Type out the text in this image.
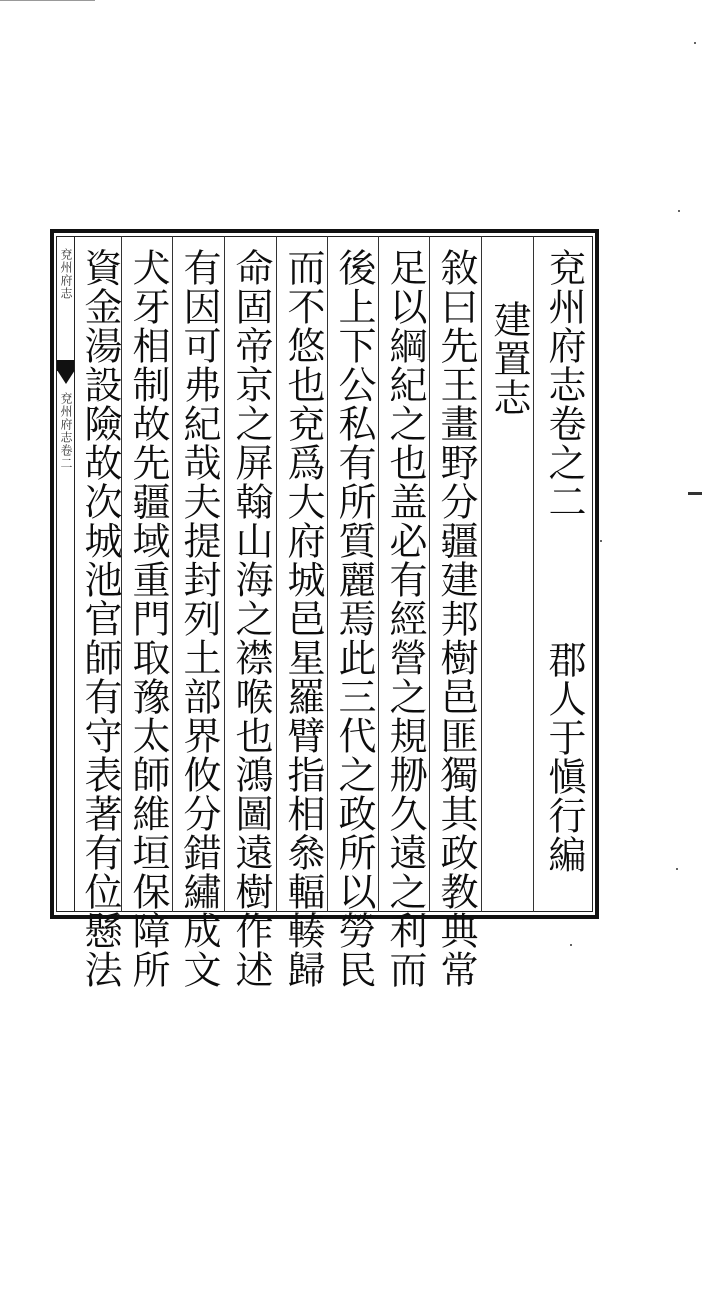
兗州府志
兗州府志卷二	兗州府志卷之二
郡人于愼行編
建置志
敘曰先王畫野分疆建邦樹邑匪獨其政教典常
足以綱紀之也盖必有經營之規刱久遠之利而
後上下公私有所質麗焉此三代之政所以勞民
而不悠也兗爲大府城邑星羅臂指相叅輻輳歸
命固帝京之屏翰山海之襟喉也鴻圖遠樹作述
有因可弗紀哉夫提封列土部界攸分錯繡成文
犬牙相制故先疆域重門取豫太師維垣保障所
資金湯設險故次城池官師有守表著有位懸法
